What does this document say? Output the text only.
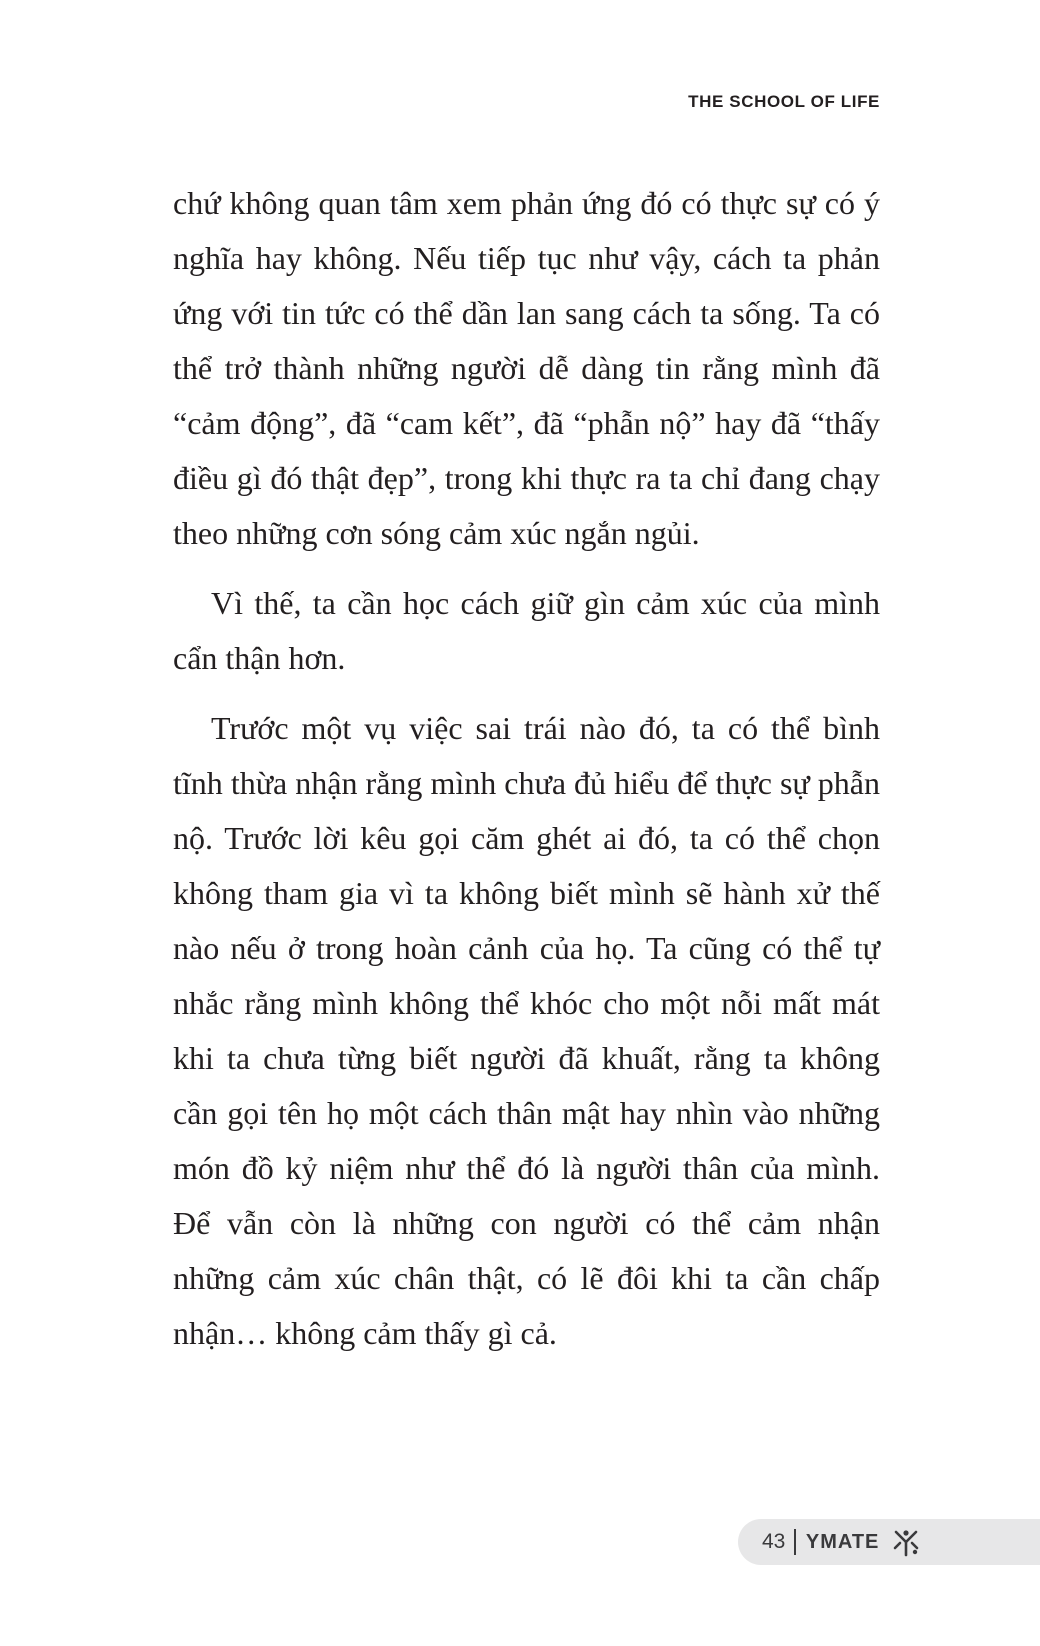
THE SCHOOL OF LIFE

chứ không quan tâm xem phản ứng đó có thực sự có ý nghĩa hay không. Nếu tiếp tục như vậy, cách ta phản ứng với tin tức có thể dần lan sang cách ta sống. Ta có thể trở thành những người dễ dàng tin rằng mình đã “cảm động”, đã “cam kết”, đã “phẫn nộ” hay đã “thấy điều gì đó thật đẹp”, trong khi thực ra ta chỉ đang chạy theo những cơn sóng cảm xúc ngắn ngủi.

Vì thế, ta cần học cách giữ gìn cảm xúc của mình cẩn thận hơn.

Trước một vụ việc sai trái nào đó, ta có thể bình tĩnh thừa nhận rằng mình chưa đủ hiểu để thực sự phẫn nộ. Trước lời kêu gọi căm ghét ai đó, ta có thể chọn không tham gia vì ta không biết mình sẽ hành xử thế nào nếu ở trong hoàn cảnh của họ. Ta cũng có thể tự nhắc rằng mình không thể khóc cho một nỗi mất mát khi ta chưa từng biết người đã khuất, rằng ta không cần gọi tên họ một cách thân mật hay nhìn vào những món đồ kỷ niệm như thể đó là người thân của mình. Để vẫn còn là những con người có thể cảm nhận những cảm xúc chân thật, có lẽ đôi khi ta cần chấp nhận… không cảm thấy gì cả.

43 YMATE
